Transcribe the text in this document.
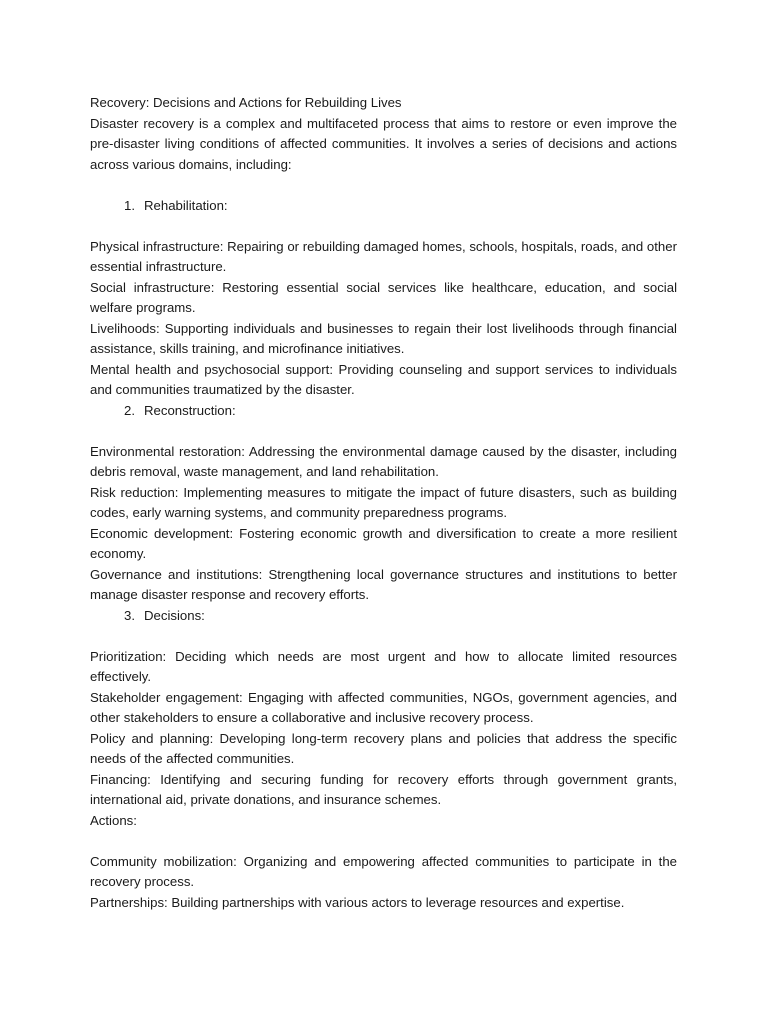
Recovery: Decisions and Actions for Rebuilding Lives

Disaster recovery is a complex and multifaceted process that aims to restore or even improve the pre-disaster living conditions of affected communities. It involves a series of decisions and actions across various domains, including:

1. Rehabilitation:

Physical infrastructure: Repairing or rebuilding damaged homes, schools, hospitals, roads, and other essential infrastructure.

Social infrastructure: Restoring essential social services like healthcare, education, and social welfare programs.

Livelihoods: Supporting individuals and businesses to regain their lost livelihoods through financial assistance, skills training, and microfinance initiatives.

Mental health and psychosocial support: Providing counseling and support services to individuals and communities traumatized by the disaster.

2. Reconstruction:

Environmental restoration: Addressing the environmental damage caused by the disaster, including debris removal, waste management, and land rehabilitation.

Risk reduction: Implementing measures to mitigate the impact of future disasters, such as building codes, early warning systems, and community preparedness programs.

Economic development: Fostering economic growth and diversification to create a more resilient economy.

Governance and institutions: Strengthening local governance structures and institutions to better manage disaster response and recovery efforts.

3. Decisions:

Prioritization: Deciding which needs are most urgent and how to allocate limited resources effectively.

Stakeholder engagement: Engaging with affected communities, NGOs, government agencies, and other stakeholders to ensure a collaborative and inclusive recovery process.

Policy and planning: Developing long-term recovery plans and policies that address the specific needs of the affected communities.

Financing: Identifying and securing funding for recovery efforts through government grants, international aid, private donations, and insurance schemes.

Actions:

Community mobilization: Organizing and empowering affected communities to participate in the recovery process.

Partnerships: Building partnerships with various actors to leverage resources and expertise.
